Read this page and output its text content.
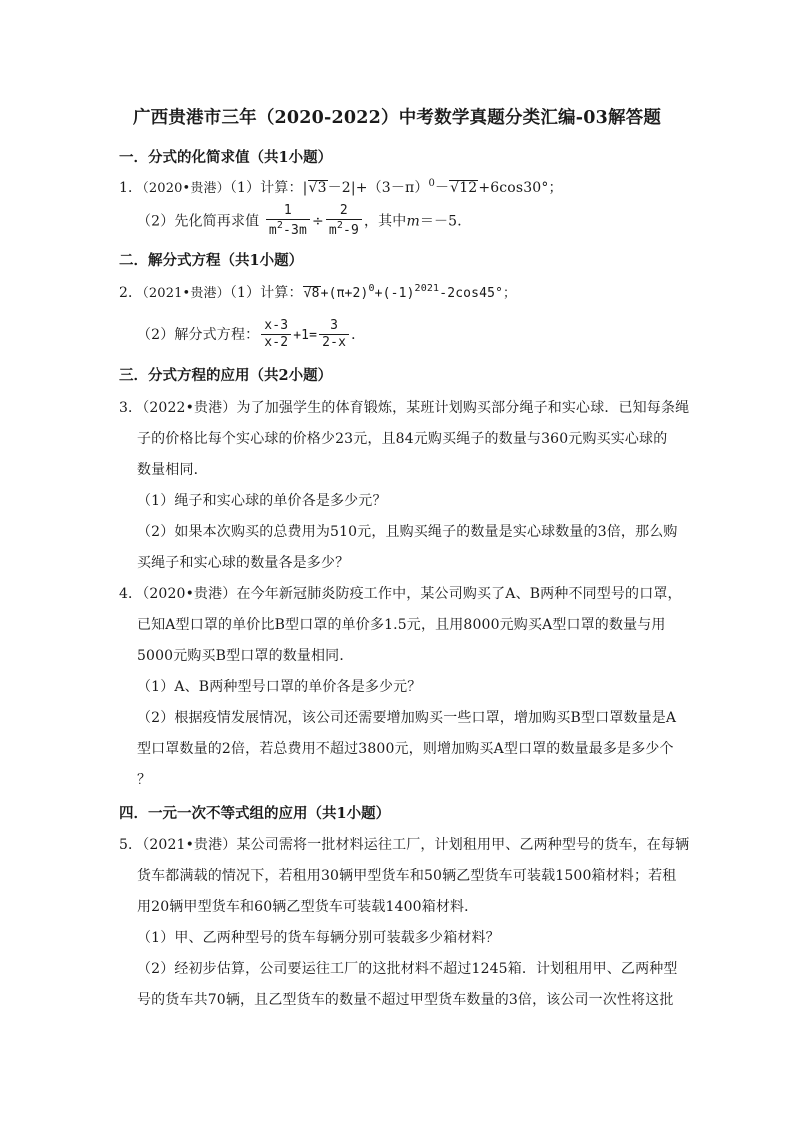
广西贵港市三年（2020-2022）中考数学真题分类汇编-03解答题
一．分式的化简求值（共1小题）
1．（2020•贵港）（1）计算：$|√3-2|+(3-\pi)^0-√12+6\cos 30^\circ$；
（2）先化简再求值 $\frac{1}{m^2-3m} \div \frac{2}{m^2-9}$ ，其中m＝－5．
二．解分式方程（共1小题）
2．（2021•贵港）（1）计算：$√8+(\pi+2)^0+(-1)^{2021}-2\cos 45^\circ$；
（2）解分式方程： $\frac{x-3}{x-2} +1= \frac{3}{2-x}$ ．
三．分式方程的应用（共2小题）
3．（2022•贵港）为了加强学生的体育锻炼，某班计划购买部分绳子和实心球．已知每条绳
子的价格比每个实心球的价格少23元，且84元购买绳子的数量与360元购买实心球的
数量相同．
（1）绳子和实心球的单价各是多少元？
（2）如果本次购买的总费用为510元，且购买绳子的数量是实心球数量的3倍，那么购
买绳子和实心球的数量各是多少？
4．（2020•贵港）在今年新冠肺炎防疫工作中，某公司购买了A、B两种不同型号的口罩，
已知A型口罩的单价比B型口罩的单价多1.5元，且用8000元购买A型口罩的数量与用
5000元购买B型口罩的数量相同．
（1）A、B两种型号口罩的单价各是多少元？
（2）根据疫情发展情况，该公司还需要增加购买一些口罩，增加购买B型口罩数量是A
型口罩数量的2倍，若总费用不超过3800元，则增加购买A型口罩的数量最多是多少个
？
四．一元一次不等式组的应用（共1小题）
5．（2021•贵港）某公司需将一批材料运往工厂，计划租用甲、乙两种型号的货车，在每辆
货车都满载的情况下，若租用30辆甲型货车和50辆乙型货车可装载1500箱材料；若租
用20辆甲型货车和60辆乙型货车可装载1400箱材料．
（1）甲、乙两种型号的货车每辆分别可装载多少箱材料？
（2）经初步估算，公司要运往工厂的这批材料不超过1245箱．计划租用甲、乙两种型
号的货车共70辆，且乙型货车的数量不超过甲型货车数量的3倍，该公司一次性将这批
